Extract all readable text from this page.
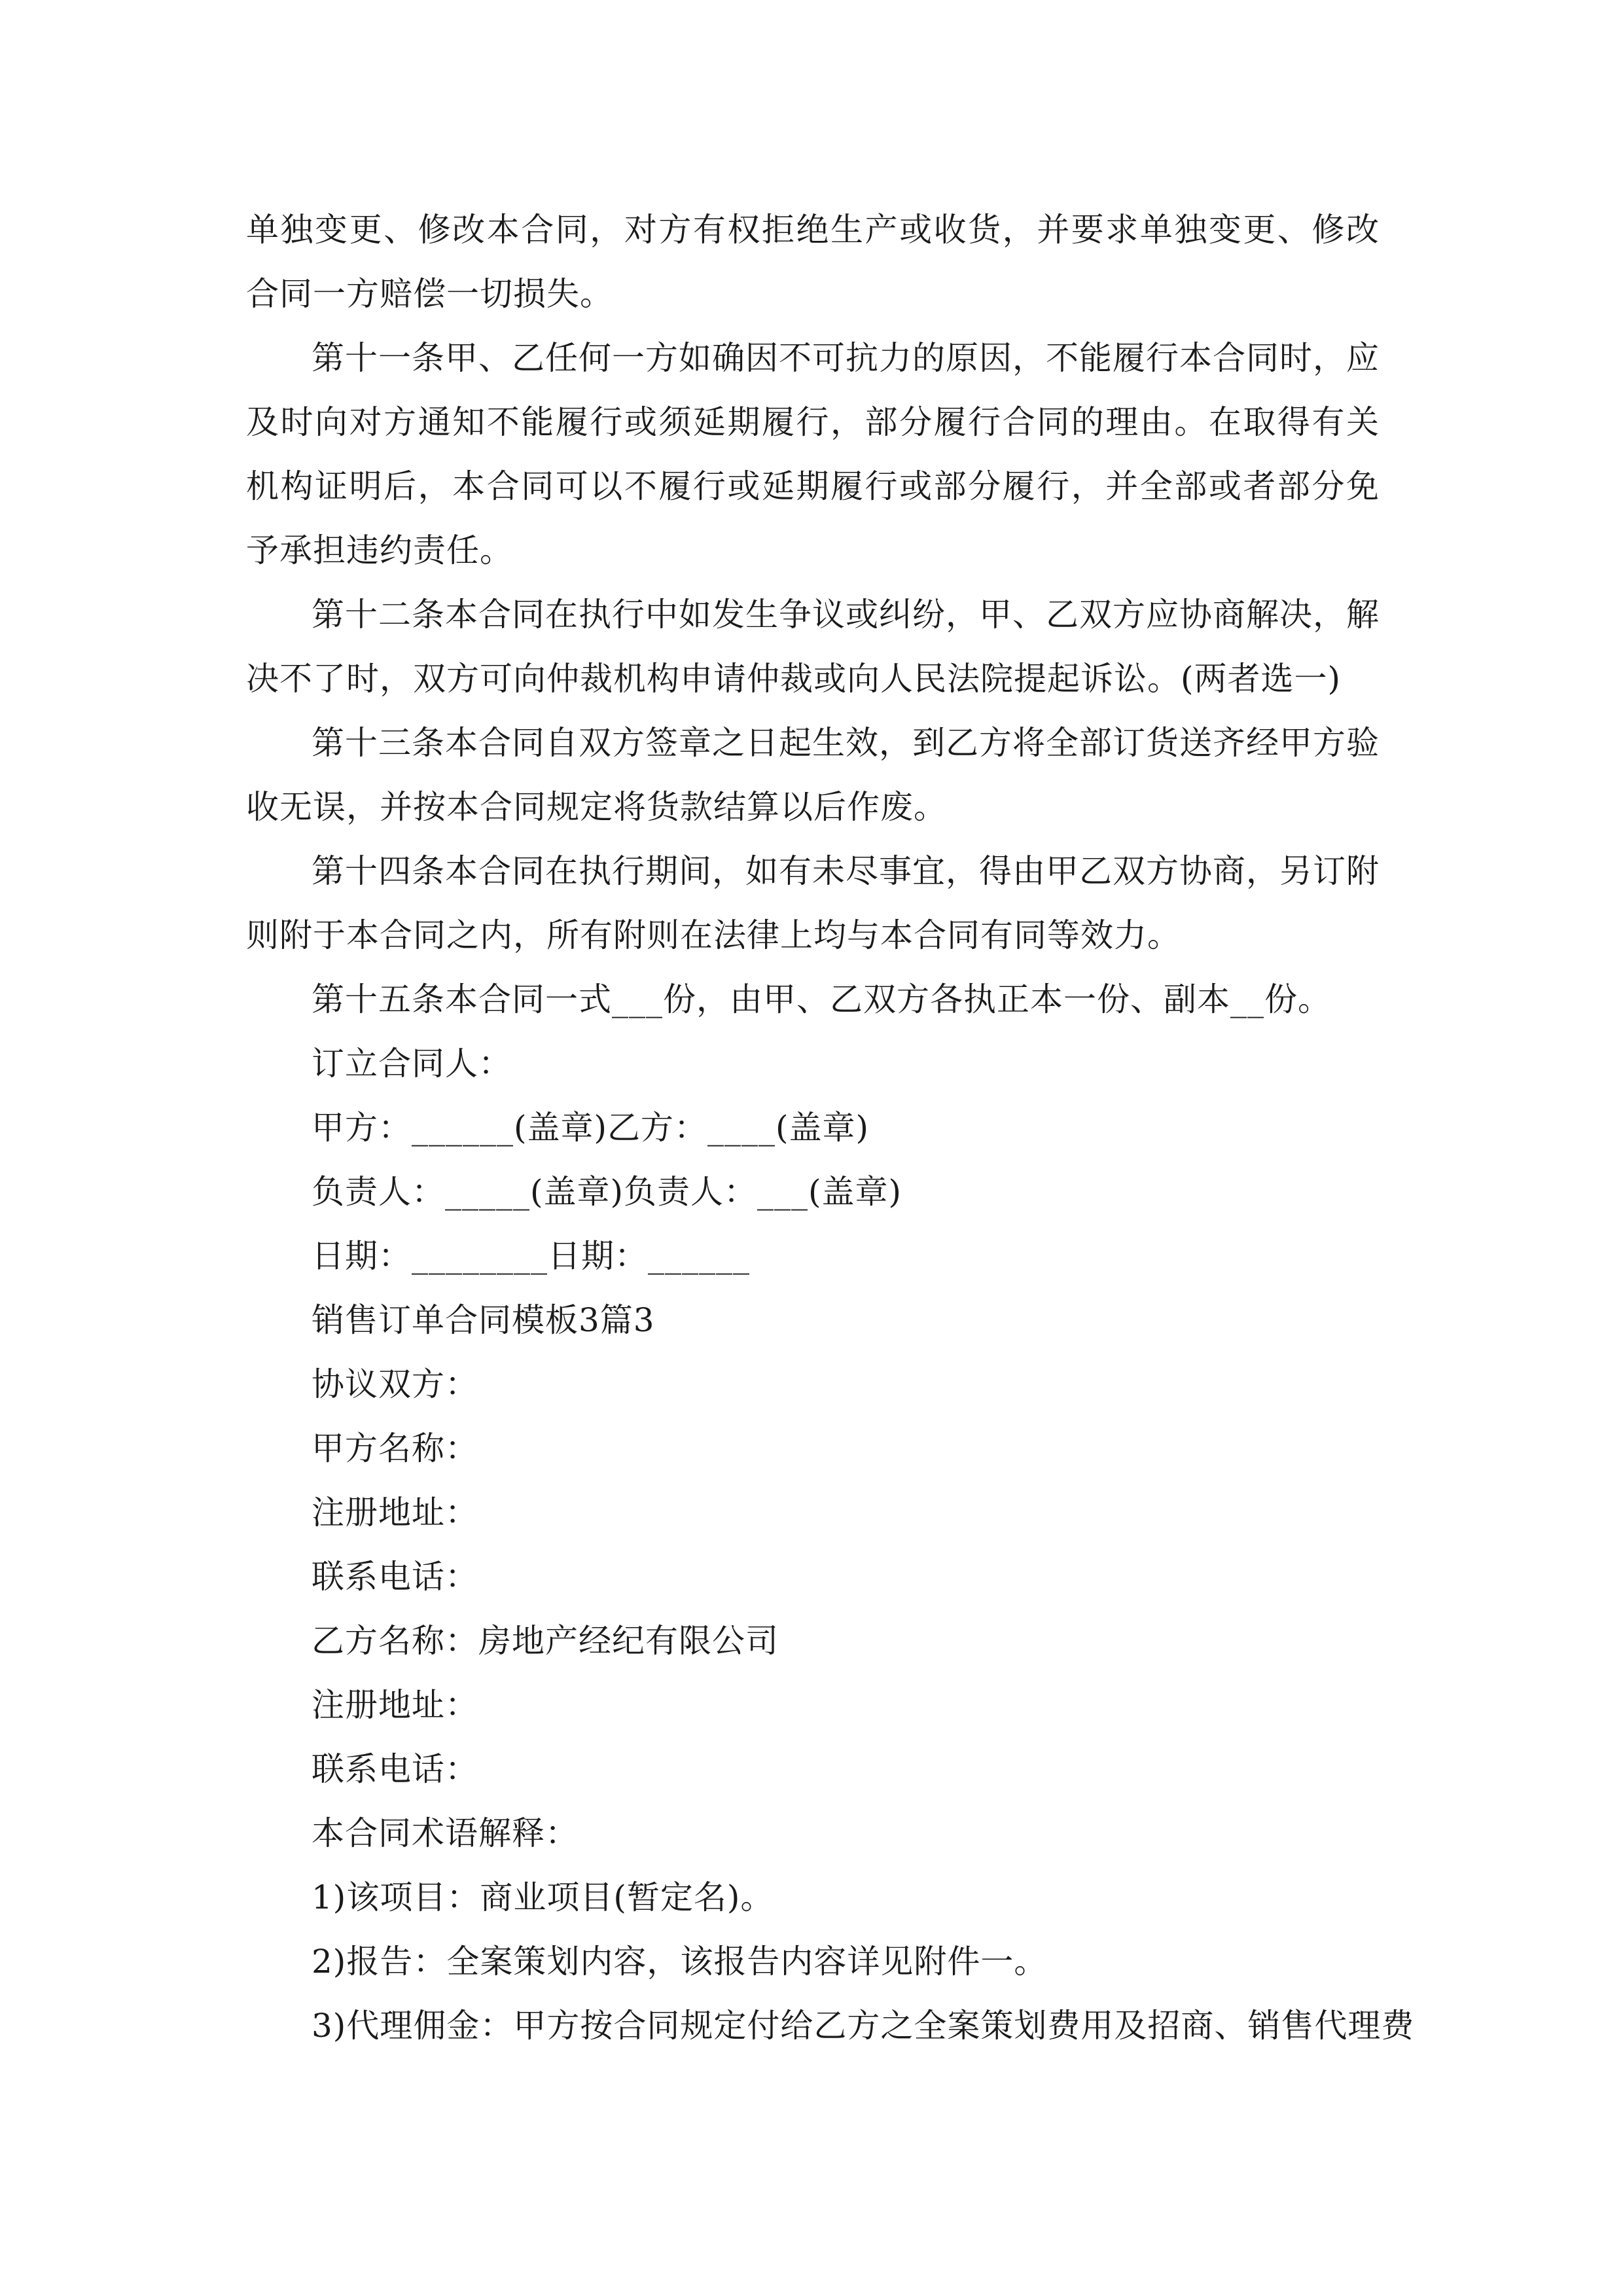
单独变更、修改本合同，对方有权拒绝生产或收货，并要求单独变更、修改合同一方赔偿一切损失。

第十一条甲、乙任何一方如确因不可抗力的原因，不能履行本合同时，应及时向对方通知不能履行或须延期履行，部分履行合同的理由。在取得有关机构证明后，本合同可以不履行或延期履行或部分履行，并全部或者部分免予承担违约责任。

第十二条本合同在执行中如发生争议或纠纷，甲、乙双方应协商解决，解决不了时，双方可向仲裁机构申请仲裁或向人民法院提起诉讼。(两者选一)

第十三条本合同自双方签章之日起生效，到乙方将全部订货送齐经甲方验收无误，并按本合同规定将货款结算以后作废。

第十四条本合同在执行期间，如有未尽事宜，得由甲乙双方协商，另订附则附于本合同之内，所有附则在法律上均与本合同有同等效力。

第十五条本合同一式___份，由甲、乙双方各执正本一份、副本__份。

订立合同人：

甲方：______(盖章)乙方：____(盖章)

负责人：_____(盖章)负责人：___(盖章)

日期：________日期：______

销售订单合同模板3篇3

协议双方：

甲方名称：

注册地址：

联系电话：

乙方名称：房地产经纪有限公司

注册地址：

联系电话：

本合同术语解释：

1)该项目：商业项目(暂定名)。

2)报告：全案策划内容，该报告内容详见附件一。

3)代理佣金：甲方按合同规定付给乙方之全案策划费用及招商、销售代理费
